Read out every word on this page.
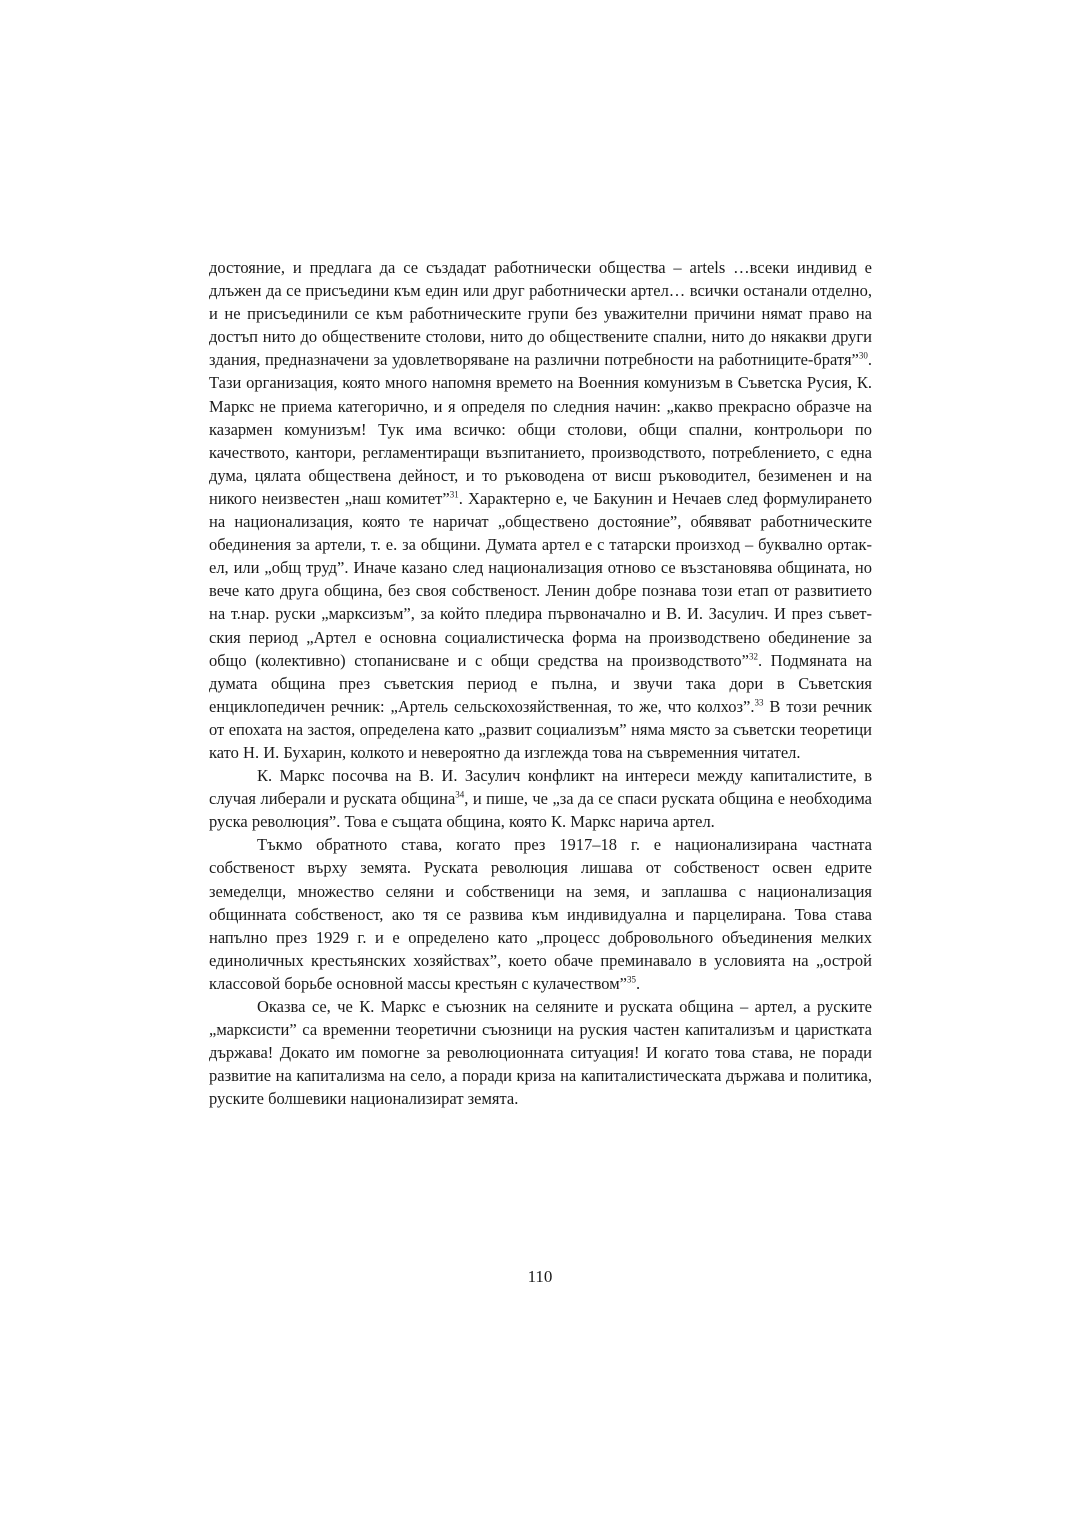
достояние, и предлага да се създадат работнически общества – artels …всеки индивид е длъжен да се присъедини към един или друг работнически артел… всички останали отделно, и не присъединили се към работническите групи без уважителни причини нямат право на достъп нито до обществените столови, нито до обществените спални, нито до някакви други здания, предназначени за удовлетворяване на различни потребности на работниците-братя”$^{30}$. Тази организация, която много напомня времето на Военния комунизъм в Съветска Русия, К. Маркс не приема категорично, и я определя по следния начин: „какво прекрасно образче на казармен комунизъм! Тук има всичко: общи столови, общи спални, контрольори по качеството, кантори, регламентиращи възпитанието, производството, потреблението, с една дума, цялата обществена дейност, и то ръководена от висш ръководител, безименен и на никого неизвестен „наш комитет”$^{31}$. Характерно е, че Бакунин и Нечаев след формулирането на национализация, която те наричат „обществено достояние”, обявяват работническите обединения за артели, т. е. за общини. Думата артел е с татарски произход – буквално ортак-ел, или „общ труд”. Иначе казано след национализация отново се възстановява общината, но вече като друга община, без своя собственост. Ленин добре познава този етап от развитието на т.нар. руски „марксизъм”, за който пледира първоначално и В. И. Засулич. И през съветския период „Артел е основна социалистическа форма на производствено обединение за общо (колективно) стопанисване и с общи средства на производството”$^{32}$. Подмяната на думата община през съветския период е пълна, и звучи така дори в Съветския енциклопедичен речник: „Артель сельскохозяйственная, то же, что колхоз”.$^{33}$ В този речник от епохата на застоя, определена като „развит социализъм” няма място за съветски теоретици като Н. И. Бухарин, колкото и невероятно да изглежда това на съвременния читател.

К. Маркс посочва на В. И. Засулич конфликт на интереси между капиталистите, в случая либерали и руската община$^{34}$, и пише, че „за да се спаси руската община е необходима руска революция”. Това е същата община, която К. Маркс нарича артел.

Тъкмо обратното става, когато през 1917–18 г. е национализирана частната собственост върху земята. Руската революция лишава от собственост освен едрите земеделци, множество селяни и собственици на земя, и заплашва с национализация общинната собственост, ако тя се развива към индивидуална и парцелирана. Това става напълно през 1929 г. и е определено като „процесс добровольного объединения мелких единоличных крестьянских хозяйствах”, което обаче преминавало в условията на „острой классовой борьбе основной массы крестьян с кулачеством”$^{35}$.

Оказва се, че К. Маркс е съюзник на селяните и руската община – артел, а руските „марксисти” са временни теоретични съюзници на руския частен капитализъм и царистката държава! Докато им помогне за революционната ситуация! И когато това става, не поради развитие на капитализма на село, а поради криза на капиталистическата държава и политика, руските болшевики национализират земята.

110
